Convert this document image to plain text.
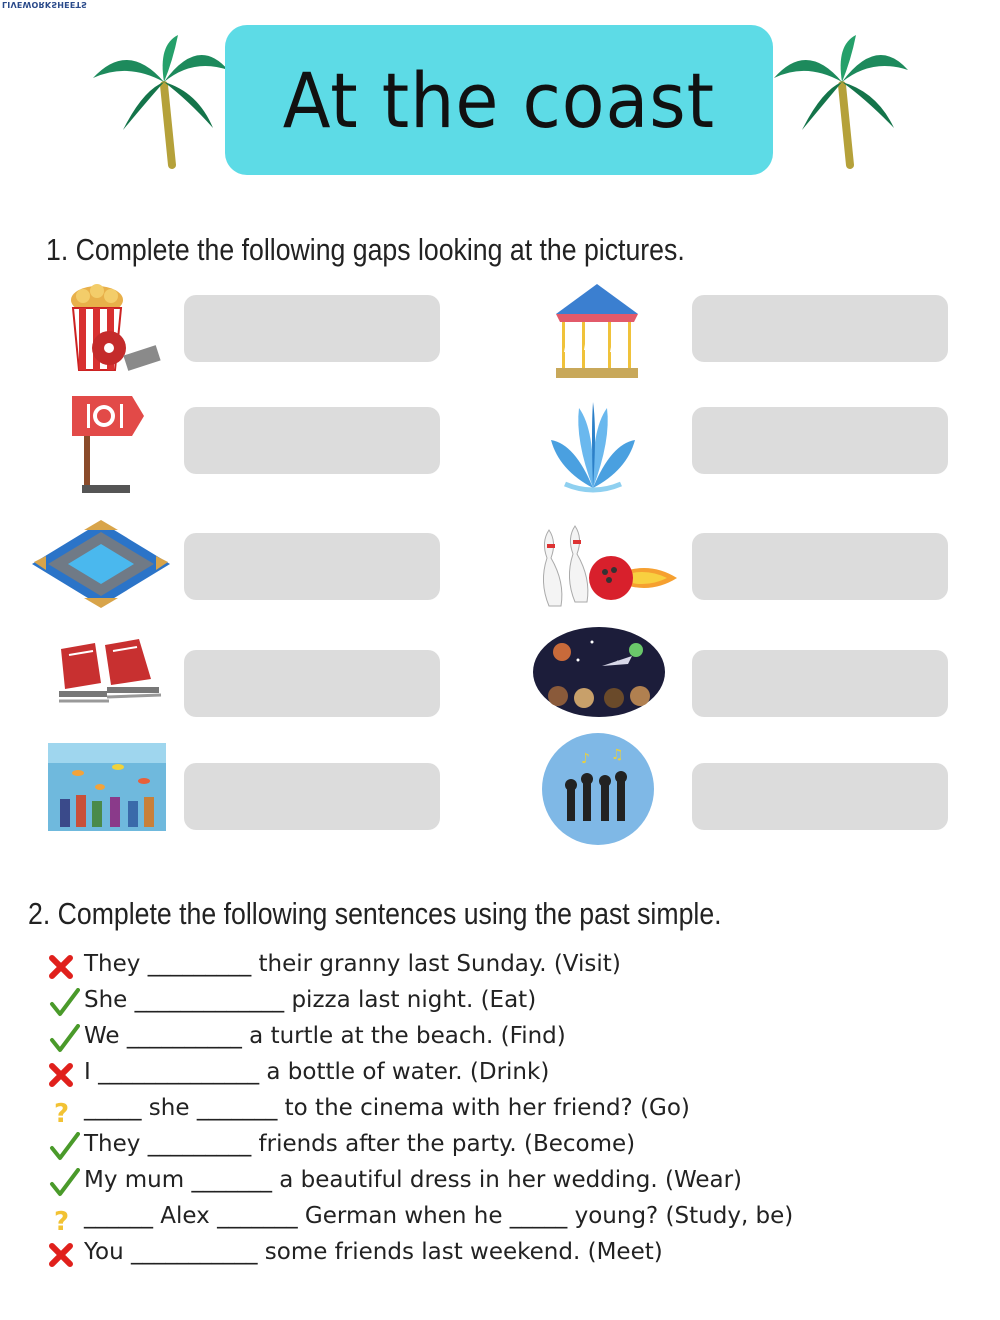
LIVEWORKSHEETS
At the coast
1. Complete the following gaps looking at the pictures.
♪ ♫
2. Complete the following sentences using the past simple.
They _________ their granny last Sunday. (Visit)
She _____________ pizza last night. (Eat)
We __________ a turtle at the beach. (Find)
I ______________ a bottle of water. (Drink)
? _____ she _______ to the cinema with her friend? (Go)
They _________ friends after the party. (Become)
My mum _______ a beautiful dress in her wedding. (Wear)
? ______ Alex _______ German when he _____ young? (Study, be)
You ___________ some friends last weekend. (Meet)
